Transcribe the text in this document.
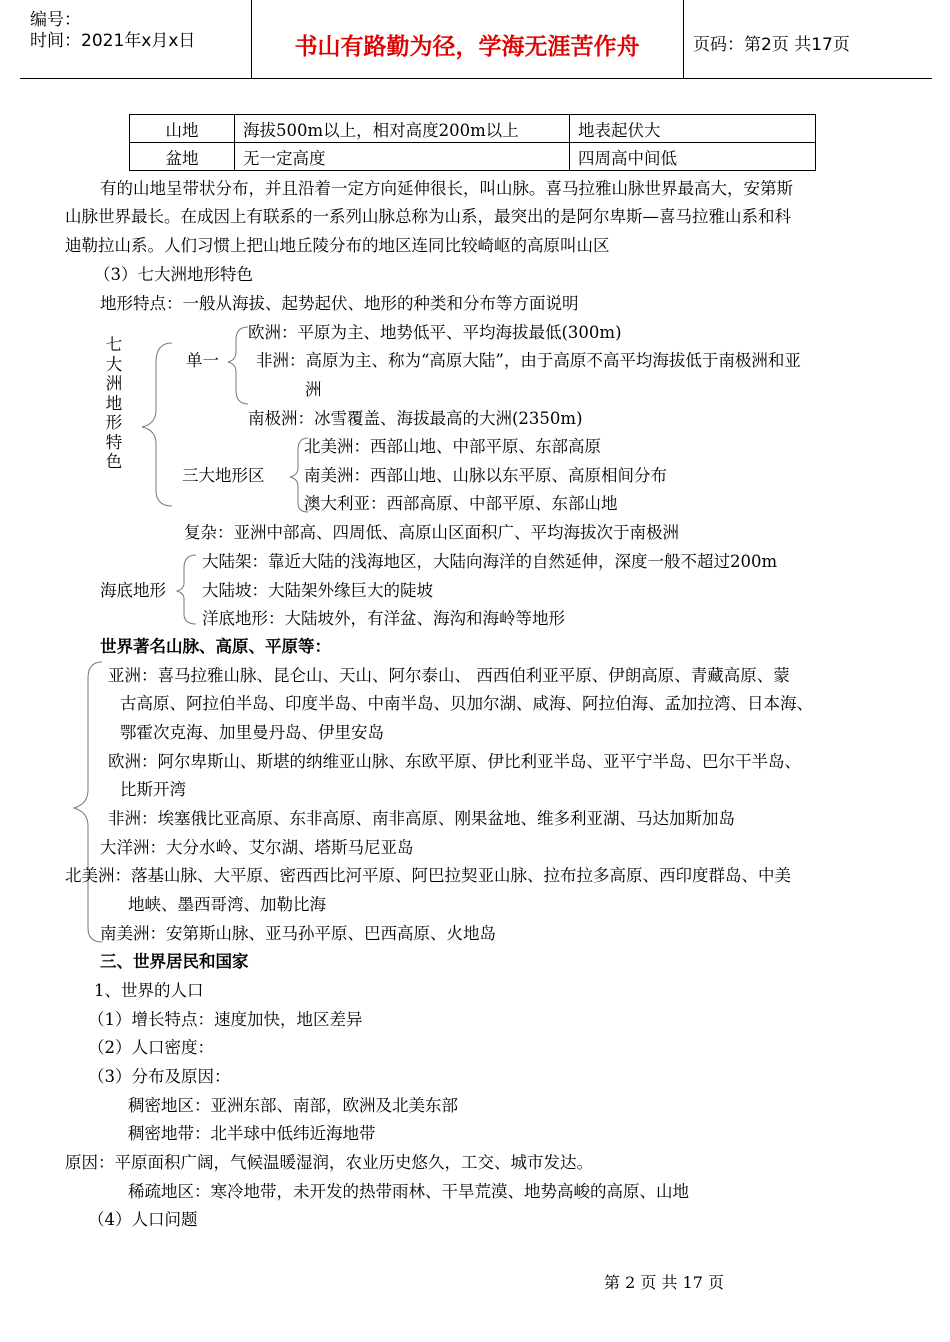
编号：
时间：2021年x月x日	书山有路勤为径，学海无涯苦作舟	页码：第2页 共17页
山地	海拔500m以上，相对高度200m以上	地表起伏大
盆地	无一定高度	四周高中间低
有的山地呈带状分布，并且沿着一定方向延伸很长，叫山脉。喜马拉雅山脉世界最高大，安第斯
山脉世界最长。在成因上有联系的一系列山脉总称为山系，最突出的是阿尔卑斯—喜马拉雅山系和科
迪勒拉山系。人们习惯上把山地丘陵分布的地区连同比较崎岖的高原叫山区
（3）七大洲地形特色
地形特点：一般从海拔、起势起伏、地形的种类和分布等方面说明
七
大
洲
地
形
特
色
单一
欧洲：平原为主、地势低平、平均海拔最低(300m)
非洲：高原为主、称为“高原大陆”，由于高原不高平均海拔低于南极洲和亚
洲
南极洲：冰雪覆盖、海拔最高的大洲(2350m)
三大地形区
北美洲：西部山地、中部平原、东部高原
南美洲：西部山地、山脉以东平原、高原相间分布
澳大利亚：西部高原、中部平原、东部山地
复杂：亚洲中部高、四周低、高原山区面积广、平均海拔次于南极洲
海底地形
大陆架：靠近大陆的浅海地区，大陆向海洋的自然延伸，深度一般不超过200m
大陆坡：大陆架外缘巨大的陡坡
洋底地形：大陆坡外，有洋盆、海沟和海岭等地形
世界著名山脉、高原、平原等：
亚洲：喜马拉雅山脉、昆仑山、天山、阿尔泰山、 西西伯利亚平原、伊朗高原、青藏高原、蒙
古高原、阿拉伯半岛、印度半岛、中南半岛、贝加尔湖、咸海、阿拉伯海、孟加拉湾、日本海、
鄂霍次克海、加里曼丹岛、伊里安岛
欧洲：阿尔卑斯山、斯堪的纳维亚山脉、东欧平原、伊比利亚半岛、亚平宁半岛、巴尔干半岛、
比斯开湾
非洲：埃塞俄比亚高原、东非高原、南非高原、刚果盆地、维多利亚湖、马达加斯加岛
大洋洲：大分水岭、艾尔湖、塔斯马尼亚岛
北美洲：落基山脉、大平原、密西西比河平原、阿巴拉契亚山脉、拉布拉多高原、西印度群岛、中美
地峡、墨西哥湾、加勒比海
南美洲：安第斯山脉、亚马孙平原、巴西高原、火地岛
三、世界居民和国家
1、世界的人口
（1）增长特点：速度加快，地区差异
（2）人口密度：
（3）分布及原因：
稠密地区：亚洲东部、南部，欧洲及北美东部
稠密地带：北半球中低纬近海地带
原因：平原面积广阔，气候温暖湿润，农业历史悠久，工交、城市发达。
稀疏地区：寒冷地带，未开发的热带雨林、干旱荒漠、地势高峻的高原、山地
（4）人口问题
第 2 页 共 17 页
